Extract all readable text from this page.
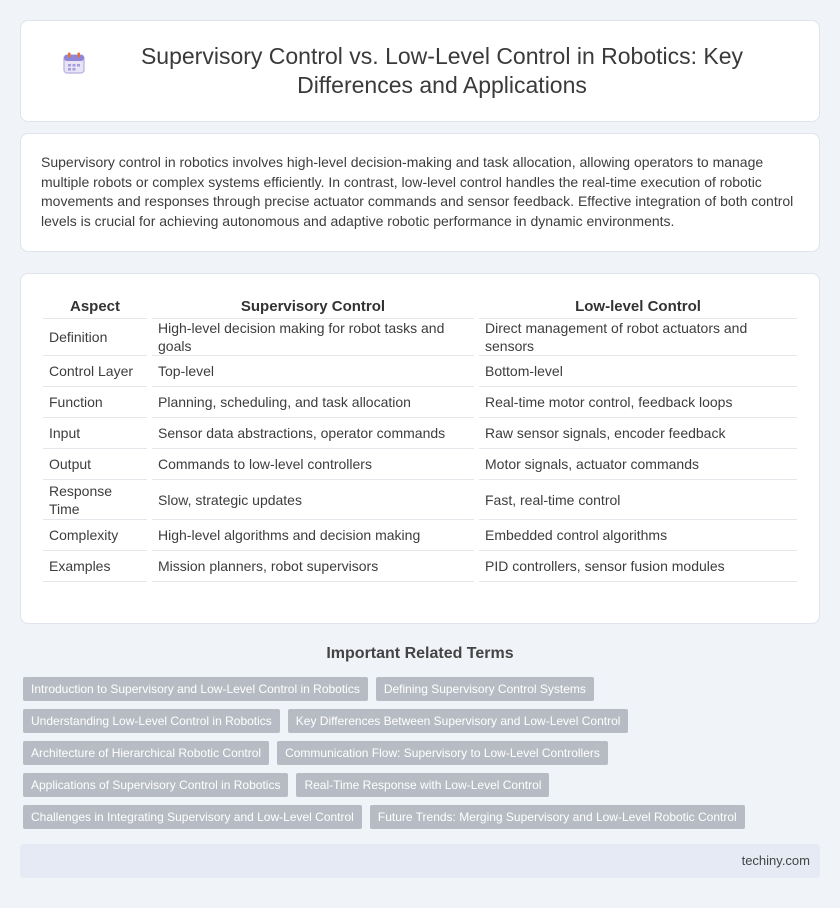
Supervisory Control vs. Low-Level Control in Robotics: Key Differences and Applications

Supervisory control in robotics involves high-level decision-making and task allocation, allowing operators to manage multiple robots or complex systems efficiently. In contrast, low-level control handles the real-time execution of robotic movements and responses through precise actuator commands and sensor feedback. Effective integration of both control levels is crucial for achieving autonomous and adaptive robotic performance in dynamic environments.

Aspect	Supervisory Control	Low-level Control
Definition	High-level decision making for robot tasks and goals	Direct management of robot actuators and sensors
Control Layer	Top-level	Bottom-level
Function	Planning, scheduling, and task allocation	Real-time motor control, feedback loops
Input	Sensor data abstractions, operator commands	Raw sensor signals, encoder feedback
Output	Commands to low-level controllers	Motor signals, actuator commands
Response Time	Slow, strategic updates	Fast, real-time control
Complexity	High-level algorithms and decision making	Embedded control algorithms
Examples	Mission planners, robot supervisors	PID controllers, sensor fusion modules
Important Related Terms
Introduction to Supervisory and Low-Level Control in Robotics	Defining Supervisory Control Systems
Understanding Low-Level Control in Robotics	Key Differences Between Supervisory and Low-Level Control
Architecture of Hierarchical Robotic Control	Communication Flow: Supervisory to Low-Level Controllers
Applications of Supervisory Control in Robotics	Real-Time Response with Low-Level Control
Challenges in Integrating Supervisory and Low-Level Control	Future Trends: Merging Supervisory and Low-Level Robotic Control
techiny.com
